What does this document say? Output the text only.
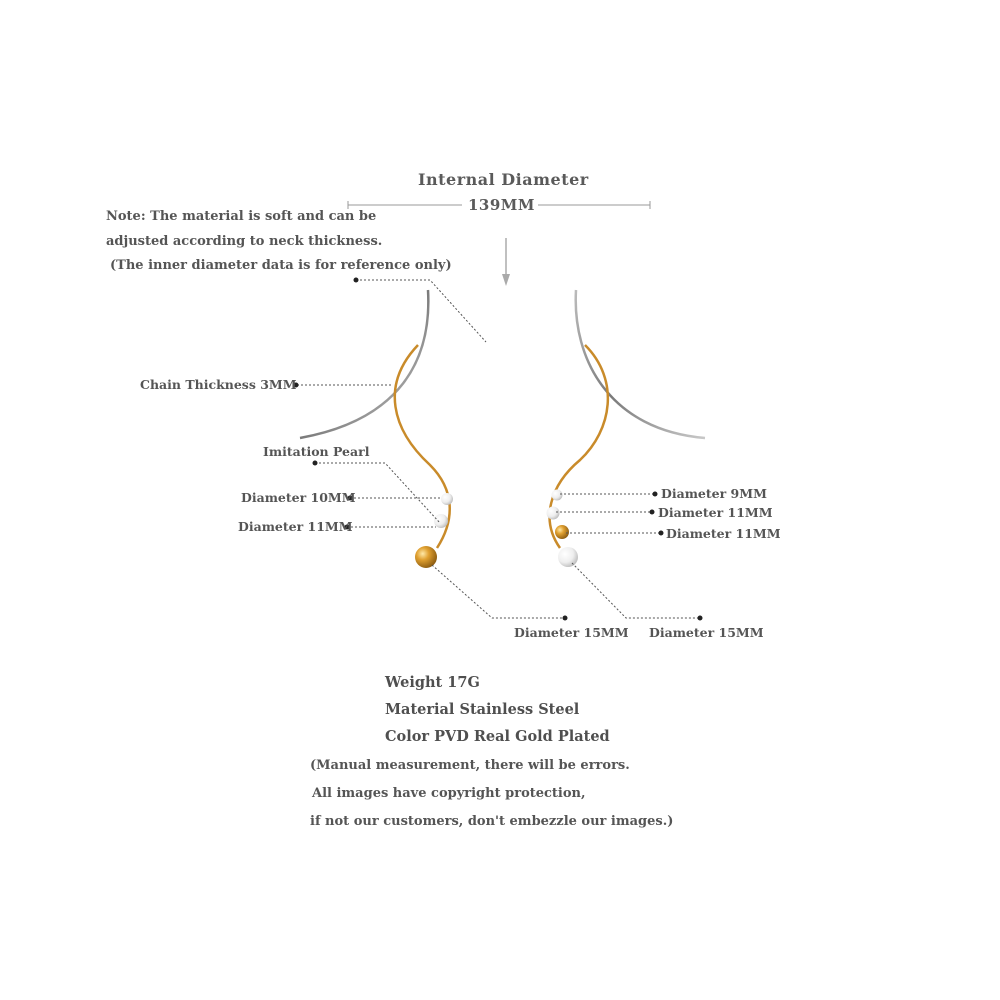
Internal Diameter
139MM
Note: The material is soft and can be
adjusted according to neck thickness.
(The inner diameter data is for reference only)
Chain Thickness 3MM
Imitation Pearl
Diameter 10MM
Diameter 11MM
Diameter 15MM
Diameter 9MM
Diameter 11MM
Diameter 11MM
Diameter 15MM
Weight 17G
Material Stainless Steel
Color PVD Real Gold Plated
(Manual measurement, there will be errors.
All images have copyright protection,
if not our customers, don't embezzle our images.)
